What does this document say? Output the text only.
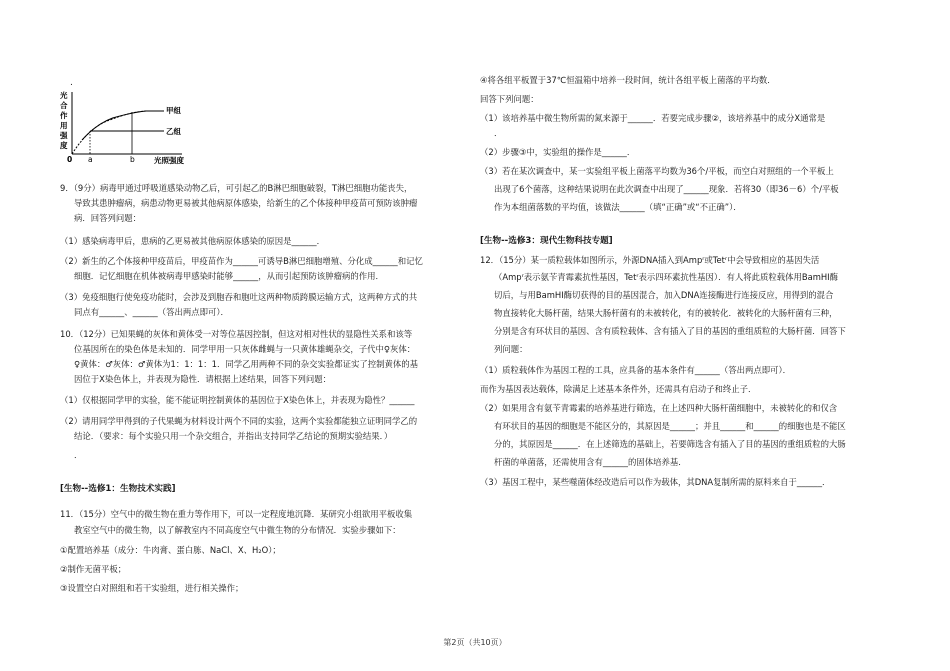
.
光
合
作
用
强
度
甲组
乙组
0 a	b	光照强度
9．（9分）病毒甲通过呼吸道感染动物乙后，可引起乙的B淋巴细胞破裂，T淋巴细胞功能丧失，
导致其患肿瘤病，病患动物更易被其他病原体感染，给新生的乙个体接种甲疫苗可预防该肿瘤
病．回答列问题：
（1）感染病毒甲后，患病的乙更易被其他病原体感染的原因是______．
（2）新生的乙个体接种甲疫苗后，甲疫苗作为______可诱导B淋巴细胞增殖、分化成______和记忆
细胞．记忆细胞在机体被病毒甲感染时能够______，从而引起预防该肿瘤病的作用．
（3）免疫细胞行使免疫功能时，会涉及到胞吞和胞吐这两种物质跨膜运输方式，这两种方式的共
同点有______、______（答出两点即可）．
10．（12分）已知果蝇的灰体和黄体受一对等位基因控制，但这对相对性状的显隐性关系和该等
位基因所在的染色体是未知的．同学甲用一只灰体雌蝇与一只黄体雄蝇杂交，子代中♀灰体：
♀黄体：♂灰体：♂黄体为1：1：1：1．同学乙用两种不同的杂交实验都证实了控制黄体的基
因位于X染色体上，并表现为隐性．请根据上述结果，回答下列问题：
（1）仅根据同学甲的实验，能不能证明控制黄体的基因位于X染色体上，并表现为隐性？______
（2）请用同学甲得到的子代果蝇为材料设计两个不同的实验，这两个实验都能独立证明同学乙的
结论．（要求：每个实验只用一个杂交组合，并指出支持同学乙结论的预期实验结果．）
．
[生物--选修1：生物技术实践]
11．（15分）空气中的微生物在重力等作用下，可以一定程度地沉降．某研究小组欲用平板收集
教室空气中的微生物，以了解教室内不同高度空气中微生物的分布情况．实验步骤如下：
①配置培养基（成分：牛肉膏、蛋白胨、NaCl、X、H₂O）；
②制作无菌平板；
③设置空白对照组和若干实验组，进行相关操作；
④将各组平板置于37℃恒温箱中培养一段时间，统计各组平板上菌落的平均数．
回答下列问题：
（1）该培养基中微生物所需的氮来源于______．若要完成步骤②，该培养基中的成分X通常是
．
（2）步骤③中，实验组的操作是______．
（3）若在某次调查中，某一实验组平板上菌落平均数为36个/平板，而空白对照组的一个平板上
出现了6个菌落，这种结果说明在此次调查中出现了______现象．若将30（即36－6）个/平板
作为本组菌落数的平均值，该做法______（填“正确”或“不正确”）．
[生物--选修3：现代生物科技专题]
12．（15分）某一质粒载体如图所示，外源DNA插入到Ampʳ或Tetʳ中会导致相应的基因失活
（Ampʳ表示氨苄青霉素抗性基因，Tetʳ表示四环素抗性基因）．有人将此质粒载体用BamHI酶
切后，与用BamHI酶切获得的目的基因混合，加入DNA连接酶进行连接反应，用得到的混合
物直接转化大肠杆菌，结果大肠杆菌有的未被转化，有的被转化．被转化的大肠杆菌有三种，
分别是含有环状目的基因、含有质粒载体、含有插入了目的基因的重组质粒的大肠杆菌．回答下
列问题：
（1）质粒载体作为基因工程的工具，应具备的基本条件有______（答出两点即可）．
而作为基因表达载体，除满足上述基本条件外，还需具有启动子和终止子．
（2）如果用含有氨苄青霉素的培养基进行筛选，在上述四种大肠杆菌细胞中，未被转化的和仅含
有环状目的基因的细胞是不能区分的，其原因是______；并且______和______的细胞也是不能区
分的，其原因是______．在上述筛选的基础上，若要筛选含有插入了目的基因的重组质粒的大肠
杆菌的单菌落，还需使用含有______的固体培养基．
（3）基因工程中，某些噬菌体经改造后可以作为载体，其DNA复制所需的原料来自于______．
第2页（共10页）
